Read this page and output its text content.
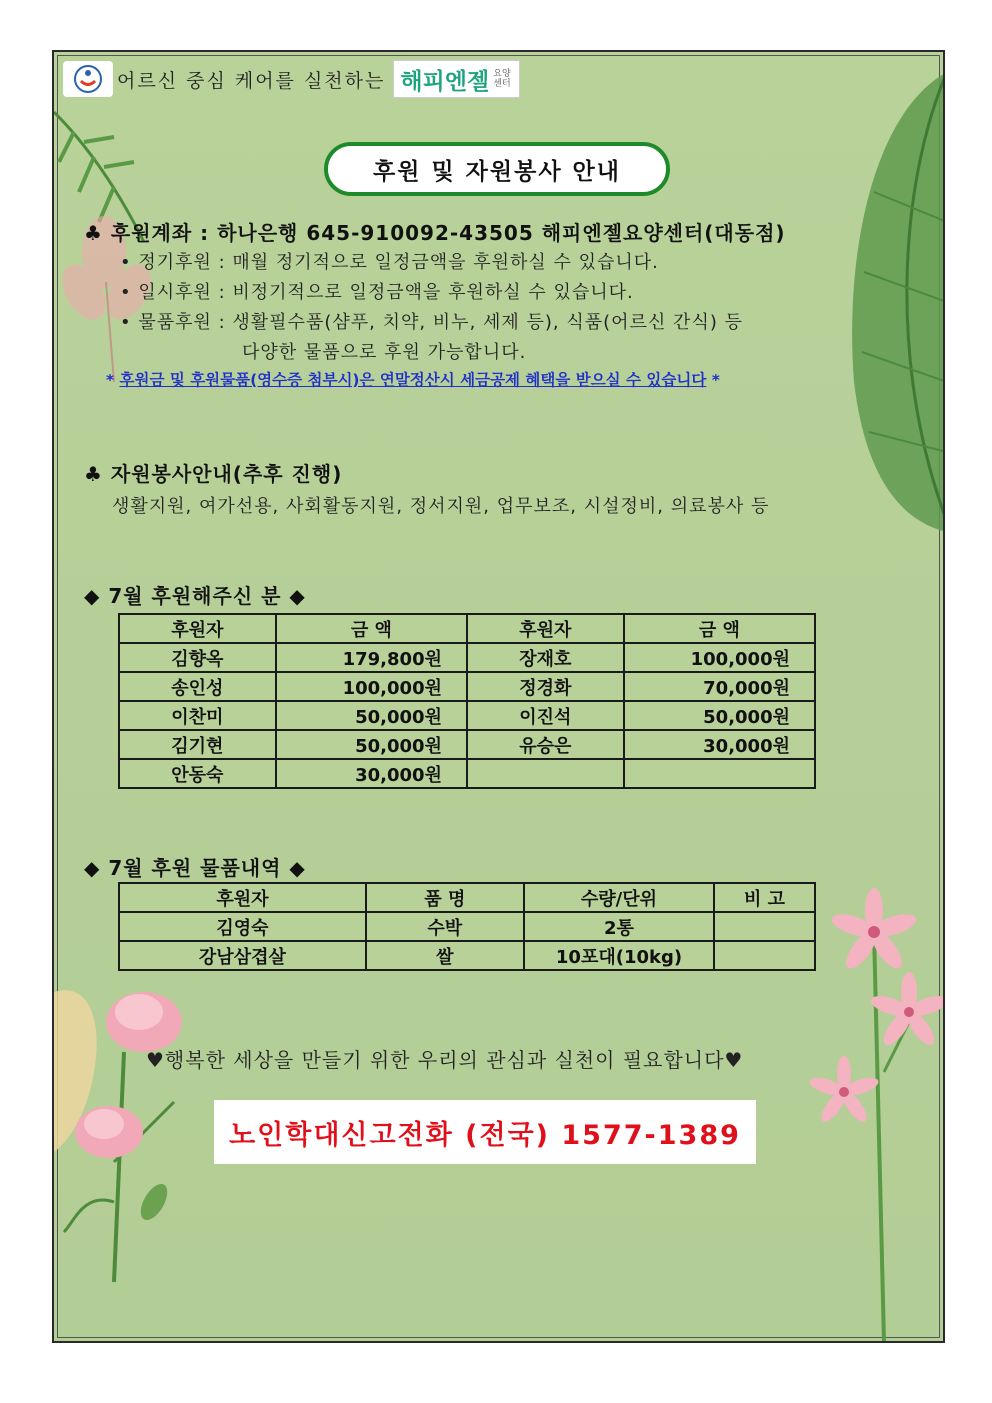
어르신 중심 케어를 실천하는 해피엔젤 요양센터
후원 및 자원봉사 안내
♣ 후원계좌 : 하나은행 645-910092-43505 해피엔젤요양센터(대동점)
• 정기후원 : 매월 정기적으로 일정금액을 후원하실 수 있습니다.
• 일시후원 : 비정기적으로 일정금액을 후원하실 수 있습니다.
• 물품후원 : 생활필수품(샴푸, 치약, 비누, 세제 등), 식품(어르신 간식) 등
다양한 물품으로 후원 가능합니다.
* 후원금 및 후원물품(영수증 첨부시)은 연말정산시 세금공제 혜택을 받으실 수 있습니다 *
♣ 자원봉사안내(추후 진행)
생활지원, 여가선용, 사회활동지원, 정서지원, 업무보조, 시설정비, 의료봉사 등
◆ 7월 후원해주신 분 ◆
후원자	금 액	후원자	금 액
김향옥	179,800원	장재호	100,000원
송인성	100,000원	정경화	70,000원
이찬미	50,000원	이진석	50,000원
김기현	50,000원	유승은	30,000원
안동숙	30,000원		
◆ 7월 후원 물품내역 ◆
후원자	품 명	수량/단위	비 고
김영숙	수박	2통	
강남삼겹살	쌀	10포대(10kg)	
♥행복한 세상을 만들기 위한 우리의 관심과 실천이 필요합니다♥
노인학대신고전화 (전국) 1577-1389
